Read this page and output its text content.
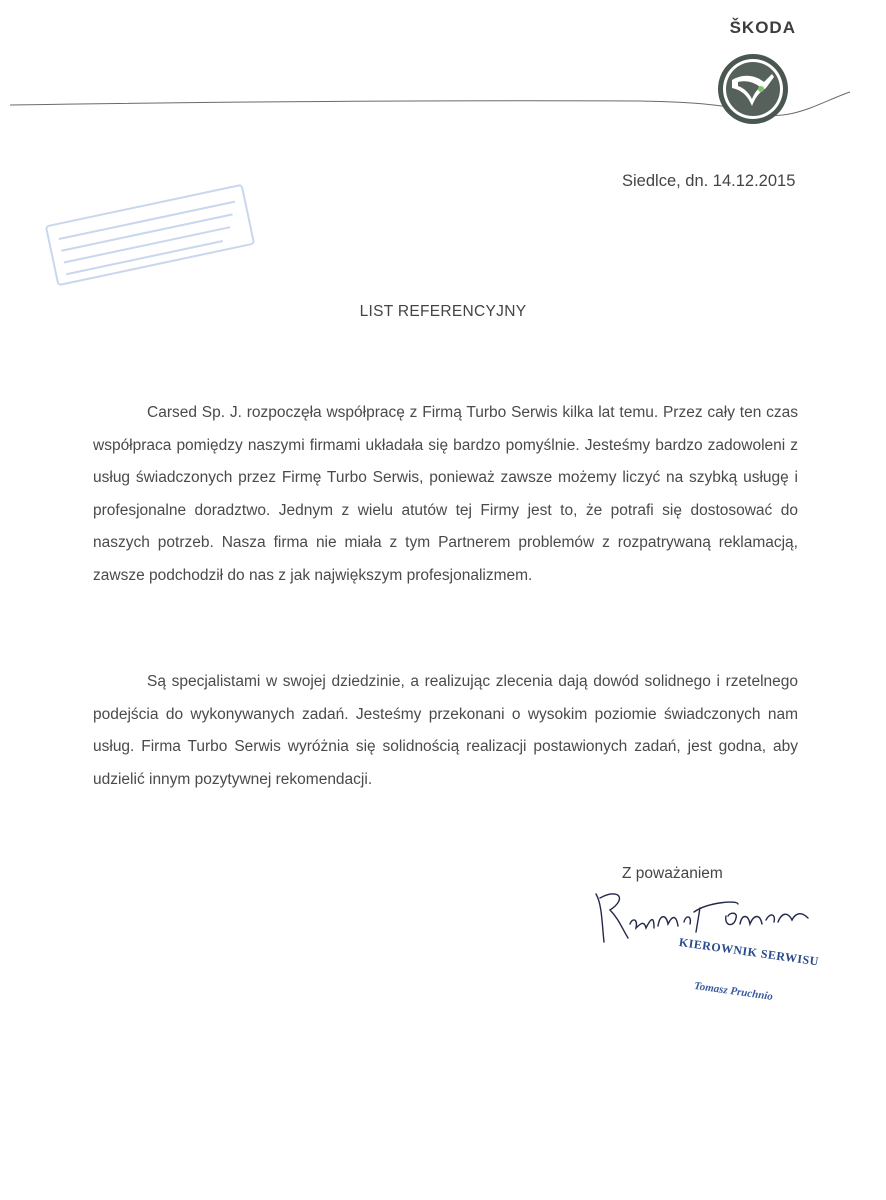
ŠKODA
Siedlce, dn. 14.12.2015
LIST REFERENCYJNY

Carsed Sp. J. rozpoczęła współpracę z Firmą Turbo Serwis kilka lat temu. Przez cały ten czas współpraca pomiędzy naszymi firmami układała się bardzo pomyślnie. Jesteśmy bardzo zadowoleni z usług świadczonych przez Firmę Turbo Serwis, ponieważ zawsze możemy liczyć na szybką usługę i profesjonalne doradztwo. Jednym z wielu atutów tej Firmy jest to, że potrafi się dostosować do naszych potrzeb. Nasza firma nie miała z tym Partnerem problemów z rozpatrywaną reklamacją, zawsze podchodził do nas z jak największym profesjonalizmem.

Są specjalistami w swojej dziedzinie, a realizując zlecenia dają dowód solidnego i rzetelnego podejścia do wykonywanych zadań. Jesteśmy przekonani o wysokim poziomie świadczonych nam usług. Firma Turbo Serwis wyróżnia się solidnością realizacji postawionych zadań, jest godna, aby udzielić innym pozytywnej rekomendacji.

Z poważaniem
KIEROWNIK SERWISU
Tomasz Pruchnio
